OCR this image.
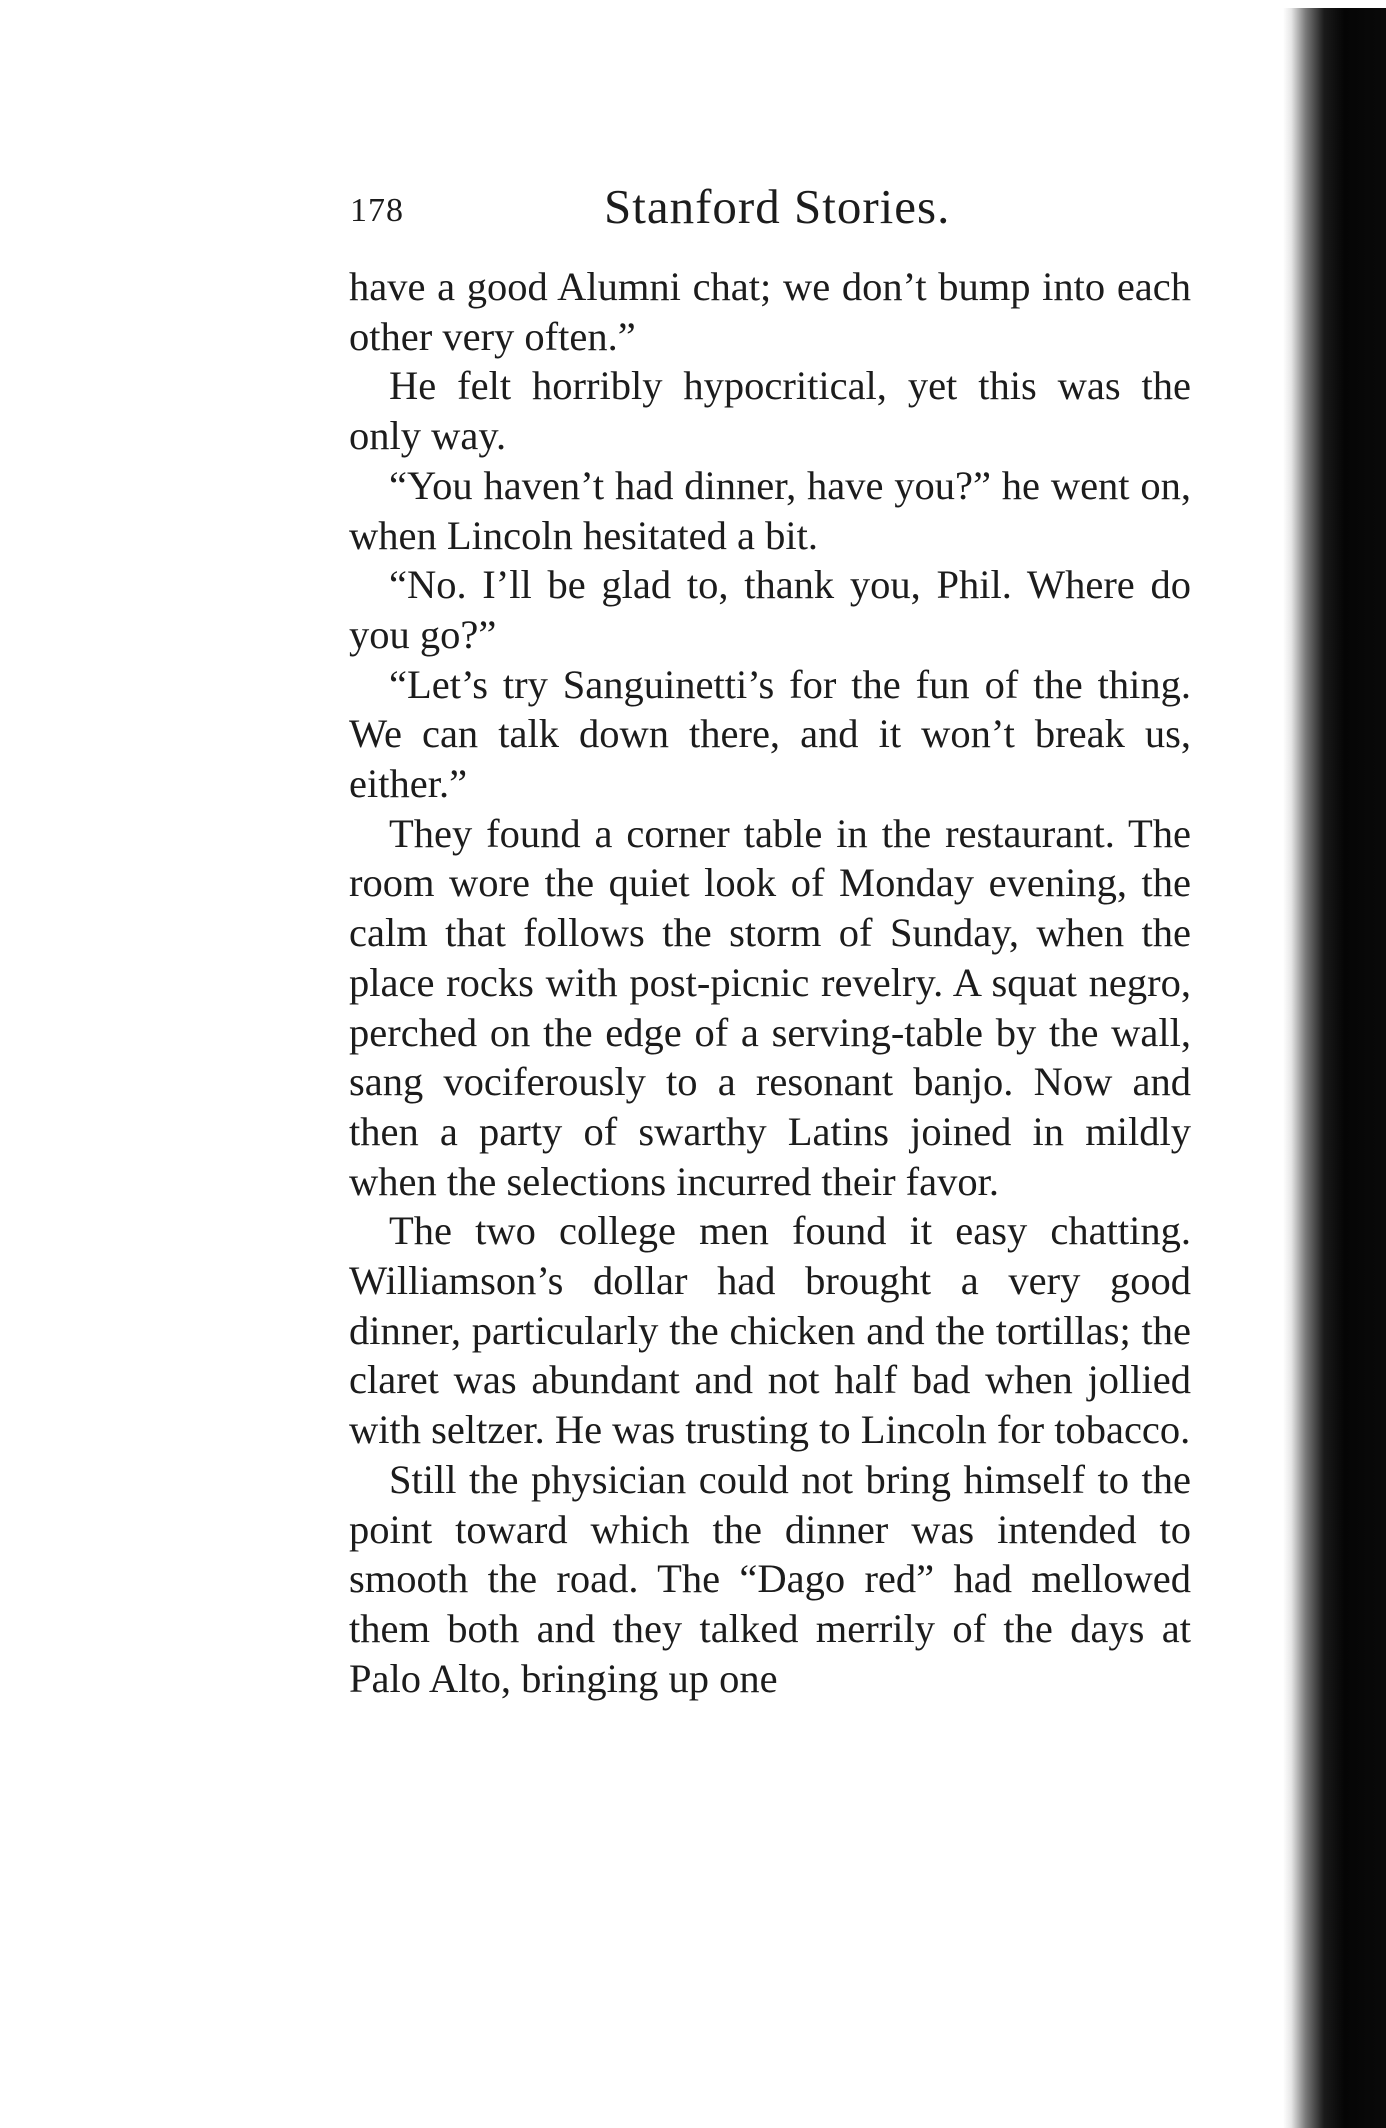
178	Stanford Stories.

have a good Alumni chat; we don’t bump into each other very often.”

He felt horribly hypocritical, yet this was the only way.

“You haven’t had dinner, have you?” he went on, when Lincoln hesitated a bit.

“No. I’ll be glad to, thank you, Phil. Where do you go?”

“Let’s try Sanguinetti’s for the fun of the thing. We can talk down there, and it won’t break us, either.”

They found a corner table in the restaurant. The room wore the quiet look of Monday evening, the calm that follows the storm of Sunday, when the place rocks with post-picnic revelry. A squat negro, perched on the edge of a serving-table by the wall, sang vociferously to a resonant banjo. Now and then a party of swarthy Latins joined in mildly when the selections incurred their favor.

The two college men found it easy chatting. Williamson’s dollar had brought a very good dinner, particularly the chicken and the tortillas; the claret was abundant and not half bad when jollied with seltzer. He was trusting to Lincoln for tobacco.

Still the physician could not bring himself to the point toward which the dinner was intended to smooth the road. The “Dago red” had mellowed them both and they talked merrily of the days at Palo Alto, bringing up one
